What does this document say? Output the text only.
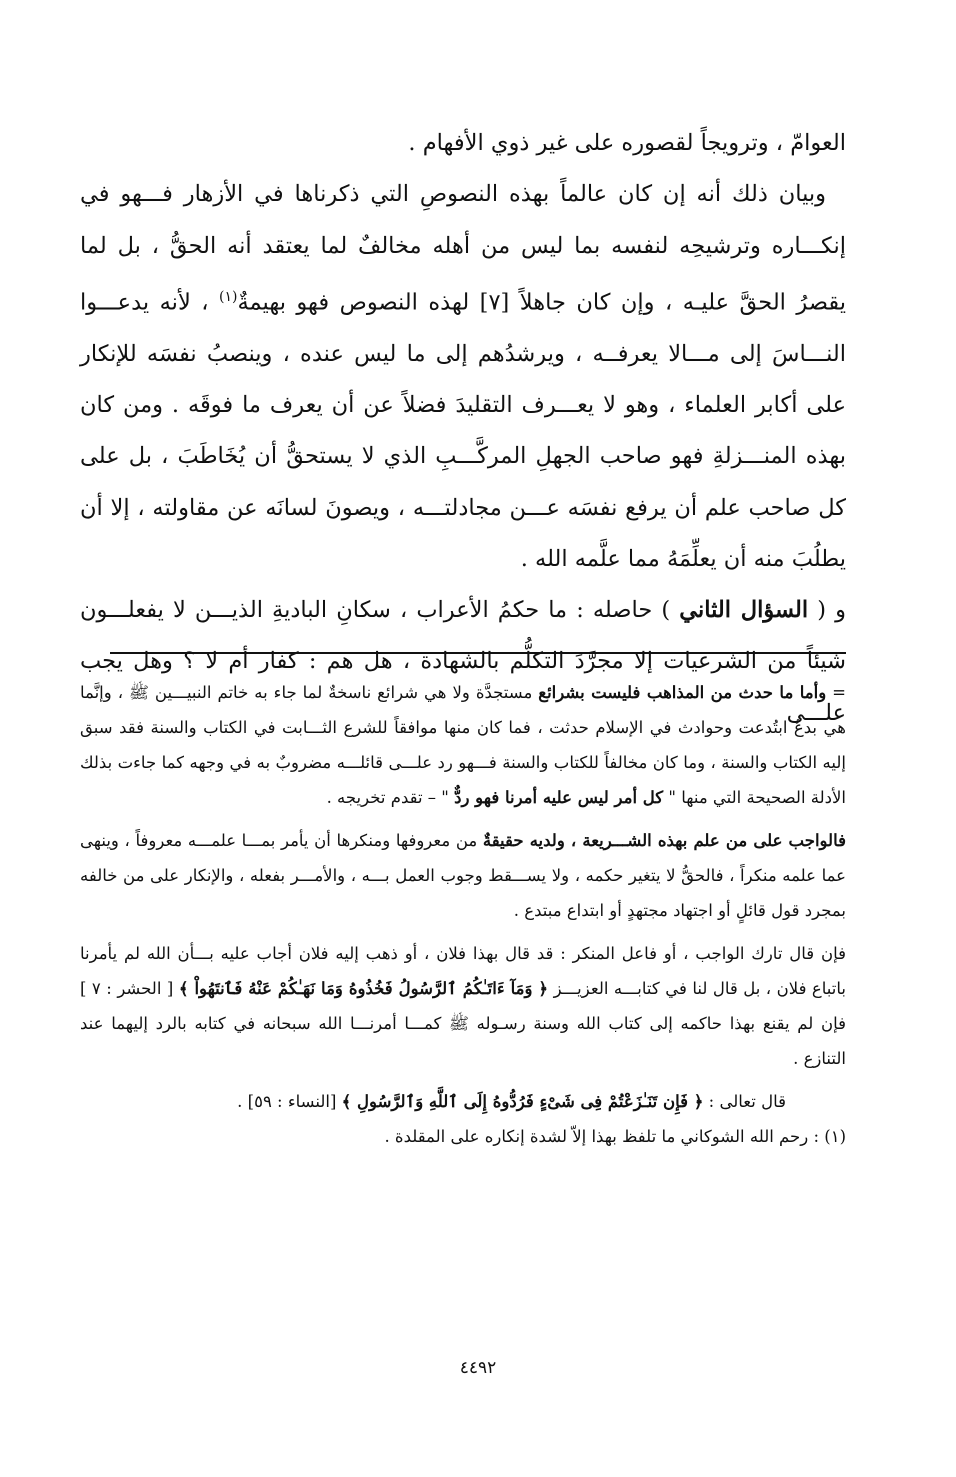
العوامّ ، وترويجاً لقصوره على غير ذوي الأفهام .

وبيان ذلك أنه إن كان عالماً بهذه النصوصِ التي ذكرناها في الأزهار فـــهو في إنكـــاره وترشيحِه لنفسه بما ليس من أهله مخالفٌ لما يعتقد أنه الحقُّ ، بل لما يقصرُ الحقَّ عليـه ، وإن كان جاهلاً [٧] لهذه النصوص فهو بهيمةٌ$^{(١)}$ ، لأنه يدعـــوا النـــاسَ إلى مـــالا يعرفــه ، ويرشدُهم إلى ما ليس عنده ، وينصبُ نفسَه للإنكار على أكابر العلماء ، وهو لا يعـــرف التقليدَ فضلاً عن أن يعرف ما فوقَه . ومن كان بهذه المنـــزلةِ فهو صاحب الجهلِ المركَّـــبِ الذي لا يستحقُّ أن يُخَاطَبَ ، بل على كل صاحب علم أن يرفع نفسَه عـــن مجادلتـــه ، ويصونَ لسانَه عن مقاولته ، إلا أن يطلُبَ منه أن يعلِّمَهُ مما علَّمه الله .

و ( السؤال الثاني ) حاصله : ما حكمُ الأعراب ، سكانِ الباديةِ الذيـــن لا يفعلـــون شيئاً من الشرعيات إلا مجرَّدَ التكلُّم بالشهادة ، هل هم : كفار أم لا ؟ وهل يجب علـــى

= وأما ما حدث من المذاهب فليست بشرائع مستجدَّة ولا هي شرائع ناسخةٌ لما جاء به خاتم النبيـــين ﷺ ، وإنَّما هي بدعٌ ابتُدعت وحوادث في الإسلام حدثت ، فما كان منها موافقاً للشرع الثـــابت في الكتاب والسنة فقد سبق إليه الكتاب والسنة ، وما كان مخالفاً للكتاب والسنة فـــهو رد علـــى قائلـــه مضروبٌ به في وجهه كما جاءت بذلك الأدلة الصحيحة التي منها " كل أمر ليس عليه أمرنا فهو ردٌّ " – تقدم تخريجه .

فالواجب على من علم بهذه الشـــريعة ، ولديه حقيقةٌ من معروفها ومنكرها أن يأمر بمـــا علمـــه معروفاً ، وينهى عما علمه منكراً ، فالحقُّ لا يتغير حكمه ، ولا يســـقط وجوب العمل بـــه ، والأمـــر بفعله ، والإنكار على من خالفه بمجرد قول قائلٍ أو اجتهاد مجتهدٍ أو ابتداع مبتدع .

فإن قال تارك الواجب ، أو فاعل المنكر : قد قال بهذا فلان ، أو ذهب إليه فلان أجاب عليه بـــأن الله لم يأمرنا باتباع فلان ، بل قال لنا في كتابـــه العزيـــز ﴿ وَمَآ ءَاتَـٰكُمُ ٱلرَّسُولُ فَخُذُوهُ وَمَا نَهَـٰكُمْ عَنْهُ فَٱنتَهُواْ ﴾ [ الحشر : ٧ ] فإن لم يقنع بهذا حاكمه إلى كتاب الله وسنة رسـوله ﷺ كمـــا أمرنـــا الله سبحانه في كتابه بالرد إليهما عند التنازع .

قال تعالى : ﴿ فَإِن تَنَـٰزَعْتُمْ فِى شَىْءٍ فَرُدُّوهُ إِلَى ٱللَّهِ وَٱلرَّسُولِ ﴾ [النساء : ٥٩] .

(١) : رحم الله الشوكاني ما تلفظ بهذا إلاّ لشدة إنكاره على المقلدة .

٤٤٩٢
